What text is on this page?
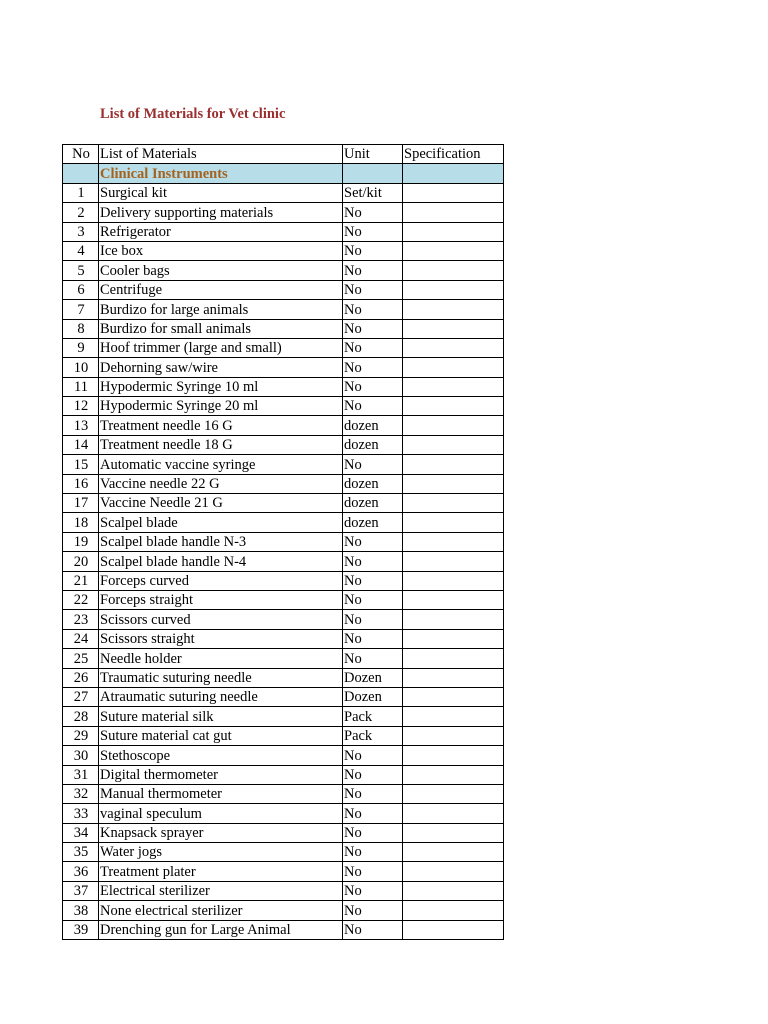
List of Materials for Vet clinic
No	List of Materials	Unit	Specification
	Clinical Instruments		
1	Surgical kit	Set/kit	
2	Delivery supporting materials	No	
3	Refrigerator	No	
4	Ice box	No	
5	Cooler bags	No	
6	Centrifuge	No	
7	Burdizo for large animals	No	
8	Burdizo for small animals	No	
9	Hoof trimmer (large and small)	No	
10	Dehorning saw/wire	No	
11	Hypodermic Syringe 10 ml	No	
12	Hypodermic Syringe 20 ml	No	
13	Treatment needle 16 G	dozen	
14	Treatment needle 18 G	dozen	
15	Automatic vaccine syringe	No	
16	Vaccine needle 22 G	dozen	
17	Vaccine Needle 21 G	dozen	
18	Scalpel blade	dozen	
19	Scalpel blade handle N-3	No	
20	Scalpel blade handle N-4	No	
21	Forceps curved	No	
22	Forceps straight	No	
23	Scissors curved	No	
24	Scissors straight	No	
25	Needle holder	No	
26	Traumatic suturing needle	Dozen	
27	Atraumatic suturing needle	Dozen	
28	Suture material silk	Pack	
29	Suture material cat gut	Pack	
30	Stethoscope	No	
31	Digital thermometer	No	
32	Manual thermometer	No	
33	vaginal speculum	No	
34	Knapsack sprayer	No	
35	Water jogs	No	
36	Treatment plater	No	
37	Electrical sterilizer	No	
38	None electrical sterilizer	No	
39	Drenching gun for Large Animal	No	
